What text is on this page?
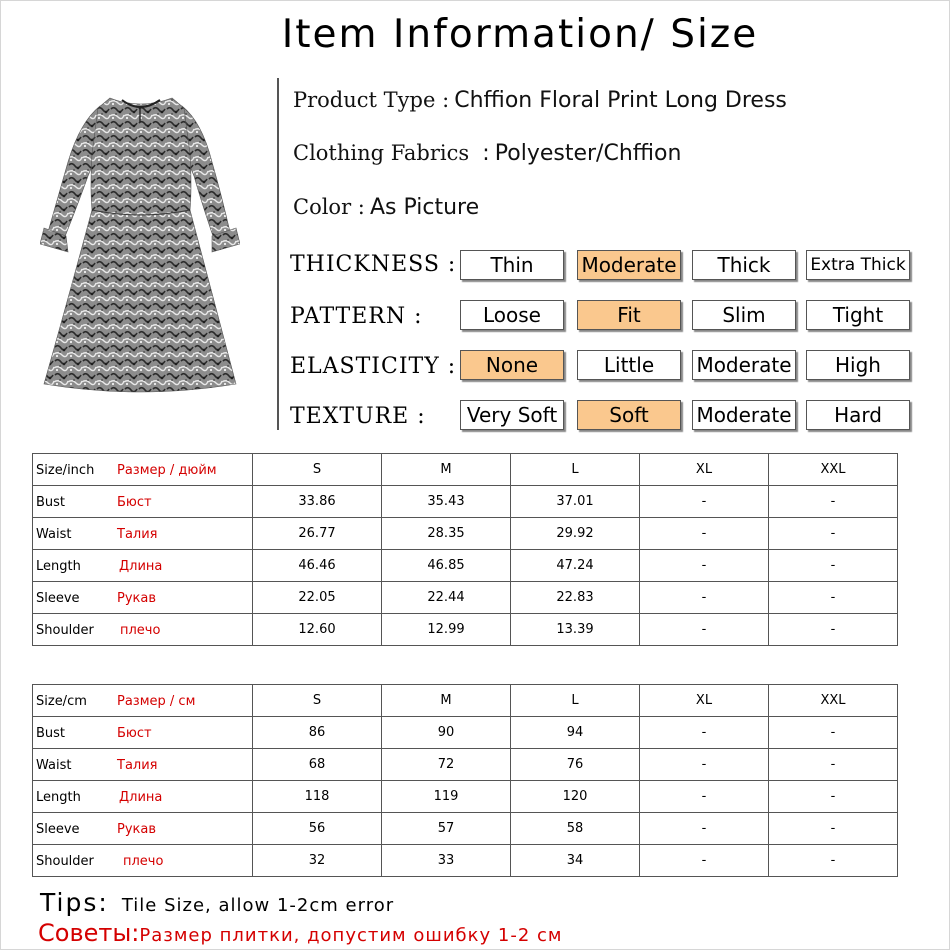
Item Information/ Size
Product Type : Chffion Floral Print Long Dress
Clothing Fabrics : Polyester/Chffion
Color : As Picture
THICKNESS :	Thin	Moderate	Thick	Extra Thick
PATTERN :	Loose	Fit	Slim	Tight
ELASTICITY :	None	Little	Moderate	High
TEXTURE :	Very Soft	Soft	Moderate	Hard
Size/inch Размер / дюйм	S	M	L	XL	XXL

Bust Бюст	33.86	35.43	37.01	-	-

Waist Талия	26.77	28.35	29.92	-	-

Length Длина	46.46	46.85	47.24	-	-

Sleeve Рукав	22.05	22.44	22.83	-	-

Shoulder плечо	12.60	12.99	13.39	-	-
Size/cm Размер / см	S	M	L	XL	XXL

Bust Бюст	86	90	94	-	-

Waist Талия	68	72	76	-	-

Length Длина	118	119	120	-	-

Sleeve Рукав	56	57	58	-	-

Shoulder плечо	32	33	34	-	-
Tips: Tile Size, allow 1-2cm error
Советы:Размер плитки, допустим ошибку 1-2 см
